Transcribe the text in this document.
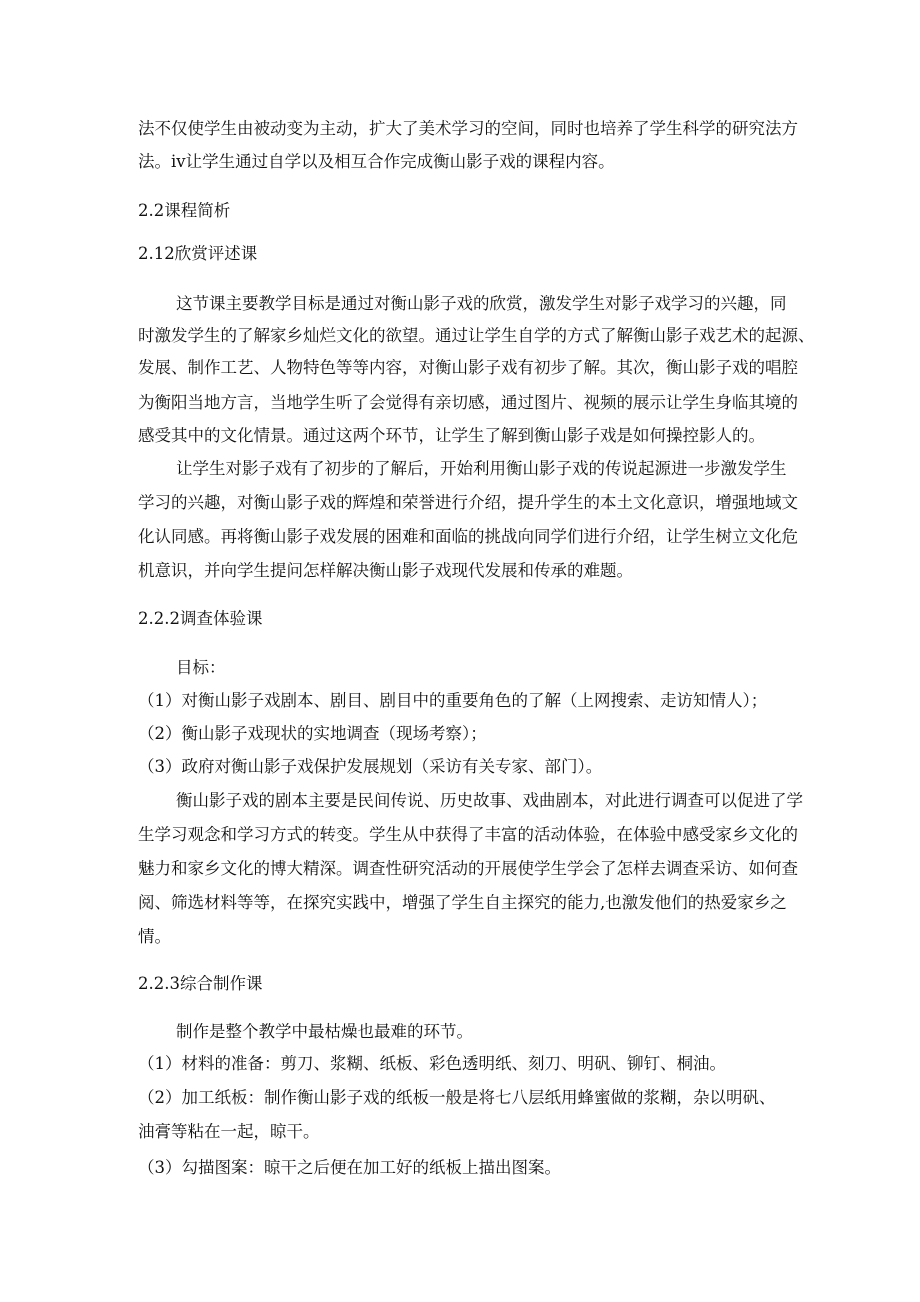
法不仅使学生由被动变为主动，扩大了美术学习的空间，同时也培养了学生科学的研究法方
法。iv让学生通过自学以及相互合作完成衡山影子戏的课程内容。
2.2课程简析
2.12欣赏评述课
这节课主要教学目标是通过对衡山影子戏的欣赏，激发学生对影子戏学习的兴趣，同
时激发学生的了解家乡灿烂文化的欲望。通过让学生自学的方式了解衡山影子戏艺术的起源、
发展、制作工艺、人物特色等等内容，对衡山影子戏有初步了解。其次，衡山影子戏的唱腔
为衡阳当地方言，当地学生听了会觉得有亲切感，通过图片、视频的展示让学生身临其境的
感受其中的文化情景。通过这两个环节，让学生了解到衡山影子戏是如何操控影人的。
让学生对影子戏有了初步的了解后，开始利用衡山影子戏的传说起源进一步激发学生
学习的兴趣，对衡山影子戏的辉煌和荣誉进行介绍，提升学生的本土文化意识，增强地域文
化认同感。再将衡山影子戏发展的困难和面临的挑战向同学们进行介绍，让学生树立文化危
机意识，并向学生提问怎样解决衡山影子戏现代发展和传承的难题。
2.2.2调查体验课
目标：
（1）对衡山影子戏剧本、剧目、剧目中的重要角色的了解（上网搜索、走访知情人）；
（2）衡山影子戏现状的实地调查（现场考察）；
（3）政府对衡山影子戏保护发展规划（采访有关专家、部门）。
衡山影子戏的剧本主要是民间传说、历史故事、戏曲剧本，对此进行调查可以促进了学
生学习观念和学习方式的转变。学生从中获得了丰富的活动体验，在体验中感受家乡文化的
魅力和家乡文化的博大精深。调查性研究活动的开展使学生学会了怎样去调查采访、如何查
阅、筛选材料等等，在探究实践中，增强了学生自主探究的能力,也激发他们的热爱家乡之
情。
2.2.3综合制作课
制作是整个教学中最枯燥也最难的环节。
（1）材料的准备：剪刀、浆糊、纸板、彩色透明纸、刻刀、明矾、铆钉、桐油。
（2）加工纸板：制作衡山影子戏的纸板一般是将七八层纸用蜂蜜做的浆糊，杂以明矾、
油膏等粘在一起，晾干。
（3）勾描图案：晾干之后便在加工好的纸板上描出图案。
